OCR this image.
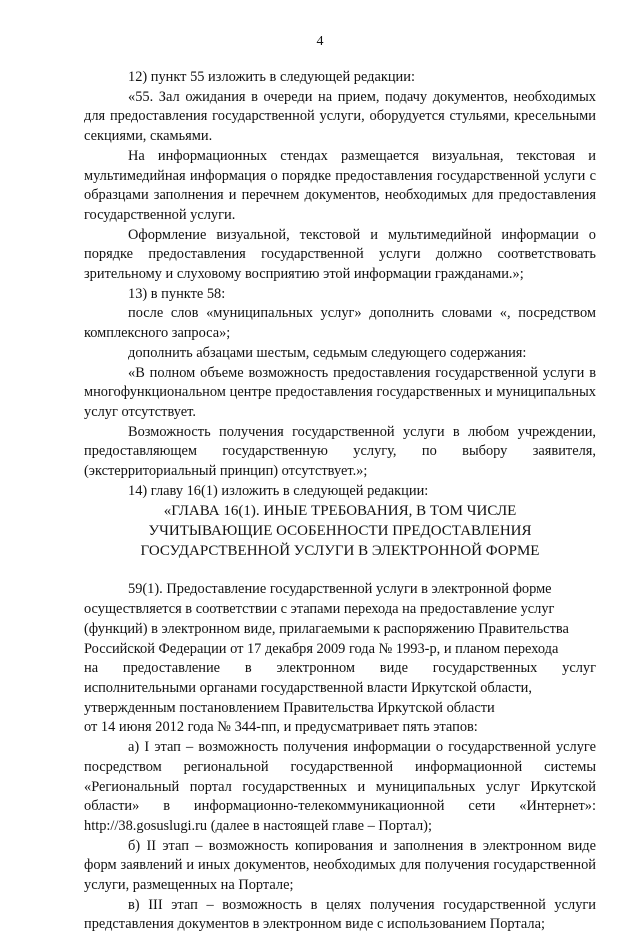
4

12) пункт 55 изложить в следующей редакции:

«55. Зал ожидания в очереди на прием, подачу документов, необходимых для предоставления государственной услуги, оборудуется стульями, кресельными секциями, скамьями.

На информационных стендах размещается визуальная, текстовая и мультимедийная информация о порядке предоставления государственной услуги с образцами заполнения и перечнем документов, необходимых для предоставления государственной услуги.

Оформление визуальной, текстовой и мультимедийной информации о порядке предоставления государственной услуги должно соответствовать зрительному и слуховому восприятию этой информации гражданами.»;

13) в пункте 58:

после слов «муниципальных услуг» дополнить словами «, посредством комплексного запроса»;

дополнить абзацами шестым, седьмым следующего содержания:

«В полном объеме возможность предоставления государственной услуги в многофункциональном центре предоставления государственных и муниципальных услуг отсутствует.

Возможность получения государственной услуги в любом учреждении, предоставляющем государственную услугу, по выбору заявителя, (экстерриториальный принцип) отсутствует.»;

14) главу 16(1) изложить в следующей редакции:

«ГЛАВА 16(1). ИНЫЕ ТРЕБОВАНИЯ, В ТОМ ЧИСЛЕ
УЧИТЫВАЮЩИЕ ОСОБЕННОСТИ ПРЕДОСТАВЛЕНИЯ
ГОСУДАРСТВЕННОЙ УСЛУГИ В ЭЛЕКТРОННОЙ ФОРМЕ

59(1). Предоставление государственной услуги в электронной форме

осуществляется в соответствии с этапами перехода на предоставление услуг

(функций) в электронном виде, прилагаемыми к распоряжению Правительства

Российской Федерации от 17 декабря 2009 года № 1993-р, и планом перехода

на предоставление в электронном виде государственных услуг

исполнительными органами государственной власти Иркутской области,

утвержденным постановлением Правительства Иркутской области

от 14 июня 2012 года № 344-пп, и предусматривает пять этапов:

а) I этап – возможность получения информации о государственной услуге посредством региональной государственной информационной системы «Региональный портал государственных и муниципальных услуг Иркутской области» в информационно-телекоммуникационной сети «Интернет»: http://38.gosuslugi.ru (далее в настоящей главе – Портал);

б) II этап – возможность копирования и заполнения в электронном виде форм заявлений и иных документов, необходимых для получения государственной услуги, размещенных на Портале;

в) III этап – возможность в целях получения государственной услуги представления документов в электронном виде с использованием Портала;
